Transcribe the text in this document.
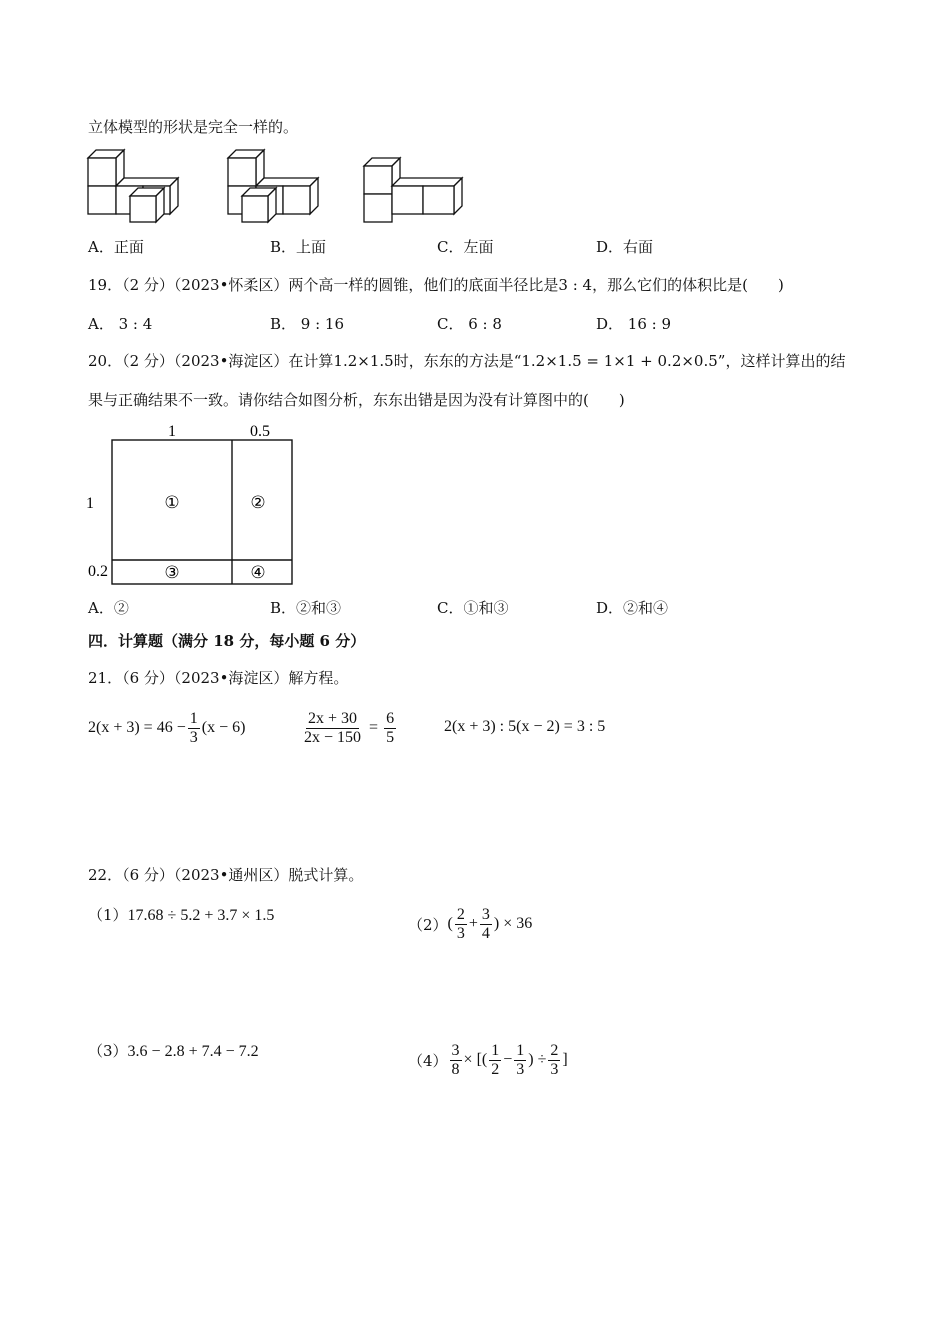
立体模型的形状是完全一样的。
A．正面	B．上面	C．左面	D．右面
19．（2 分）（2023•怀柔区）两个高一样的圆锥，他们的底面半径比是3 : 4，那么它们的体积比是(　　)
A． 3 : 4	B． 9 : 16	C． 6 : 8	D． 16 : 9
20．（2 分）（2023•海淀区）在计算1.2×1.5时，东东的方法是“1.2×1.5 = 1×1 + 0.2×0.5”，这样计算出的结
果与正确结果不一致。请你结合如图分析，东东出错是因为没有计算图中的(　　)
1	0.5
1
0.2
①	②
③	④
A．②	B．②和③	C．①和③	D．②和④
四．计算题（满分 18 分，每小题 6 分）
21．（6 分）（2023•海淀区）解方程。
$2(x + 3) = 46 - \frac{1}{3} (x - 6)$	$\frac{2x + 30}{2x - 150} = \frac{6}{5}$	2(x + 3) : 5(x − 2) = 3 : 5
22．（6 分）（2023•通州区）脱式计算。
（1）17.68 ÷ 5.2 + 3.7 × 1.5	（2） ( $\frac{2}{3} + \frac{3}{4}$ ) × 36
（3）3.6 − 2.8 + 7.4 − 7.2	$(4) \frac{3}{8}$ × [( $\frac{1}{2} - \frac{1}{3}$ ) ÷ $\frac{2}{3}$ ]
